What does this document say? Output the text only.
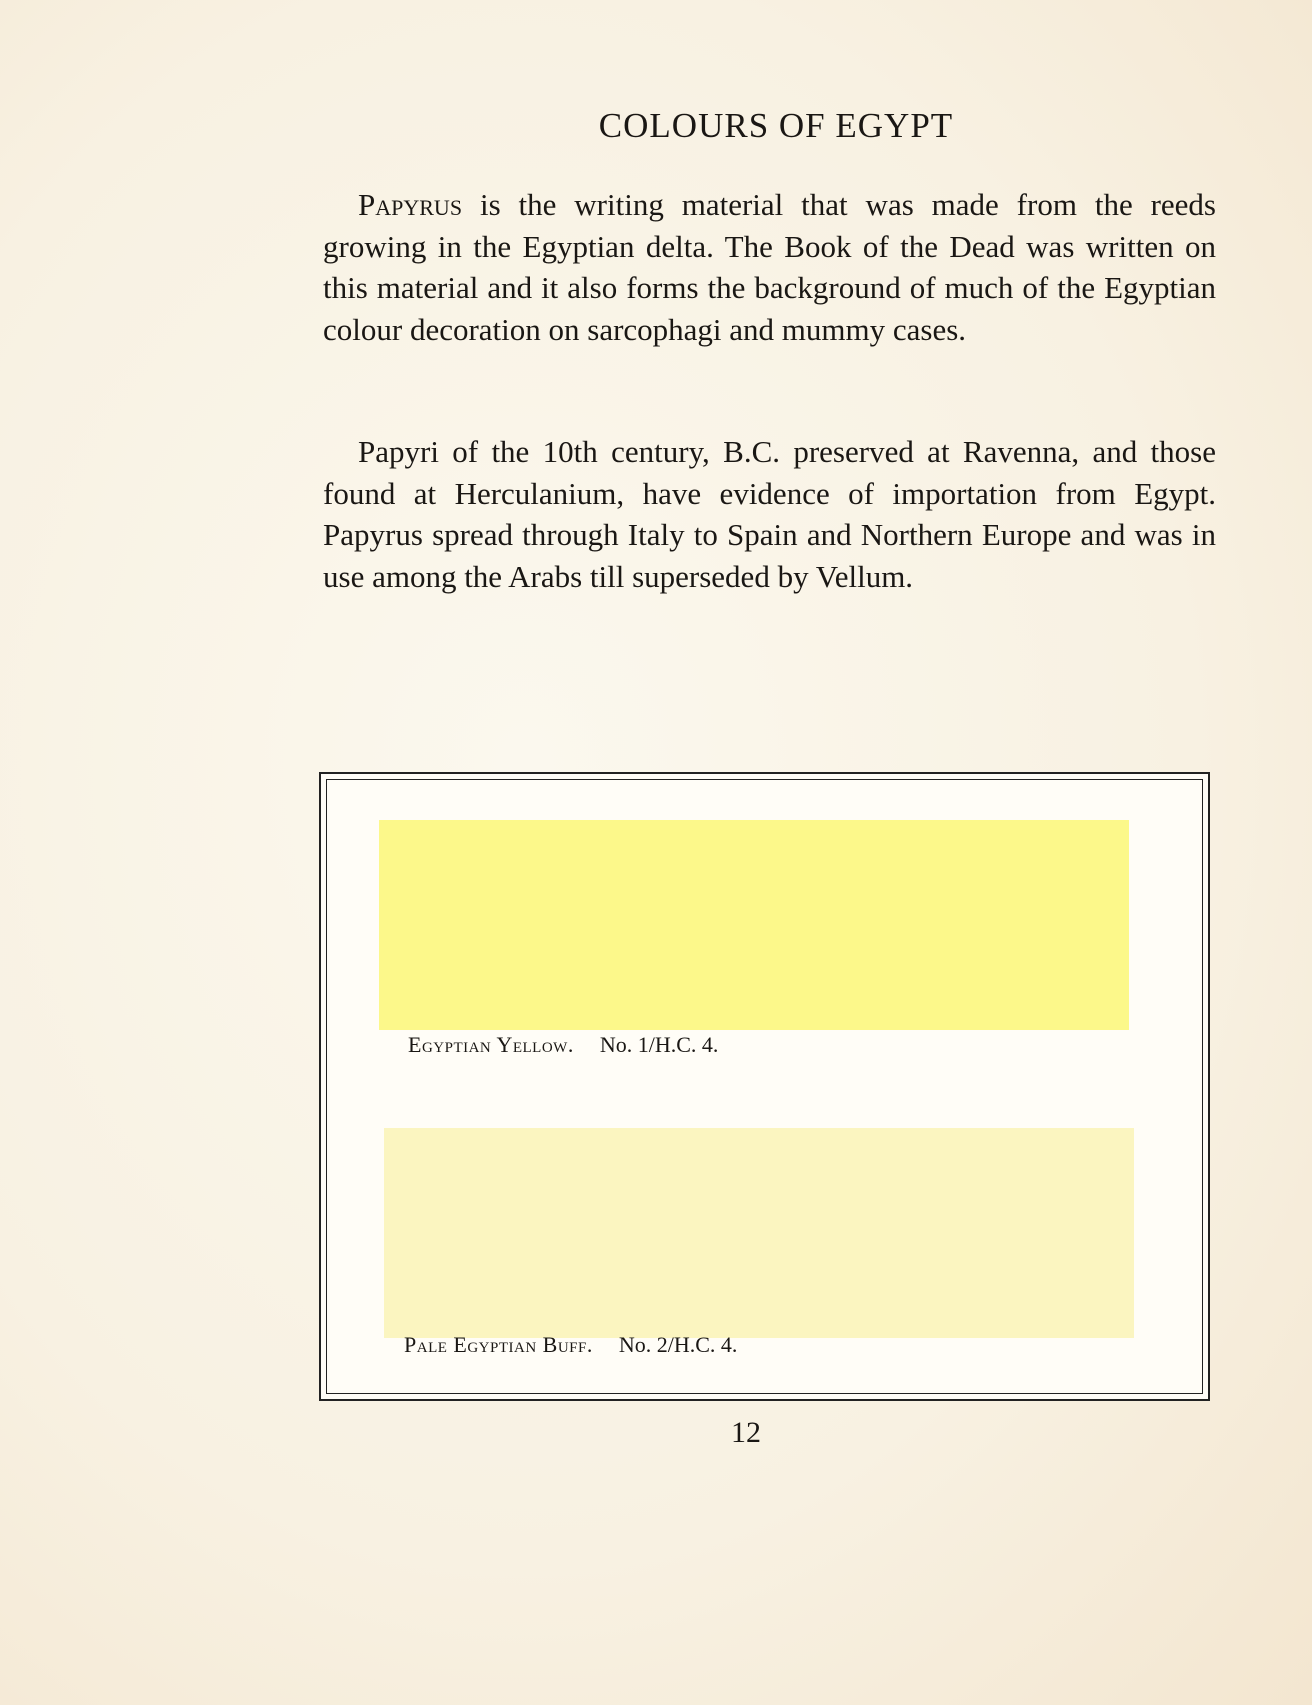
COLOURS OF EGYPT

Papyrus is the writing material that was made from the reeds growing in the Egyptian delta. The Book of the Dead was written on this material and it also forms the background of much of the Egyptian colour decoration on sarcophagi and mummy cases.

Papyri of the 10th century, B.C. preserved at Ravenna, and those found at Herculanium, have evidence of importation from Egypt. Papyrus spread through Italy to Spain and Northern Europe and was in use among the Arabs till superseded by Vellum.

Egyptian Yellow. No. 1/H.C. 4.
Pale Egyptian Buff. No. 2/H.C. 4.
12
